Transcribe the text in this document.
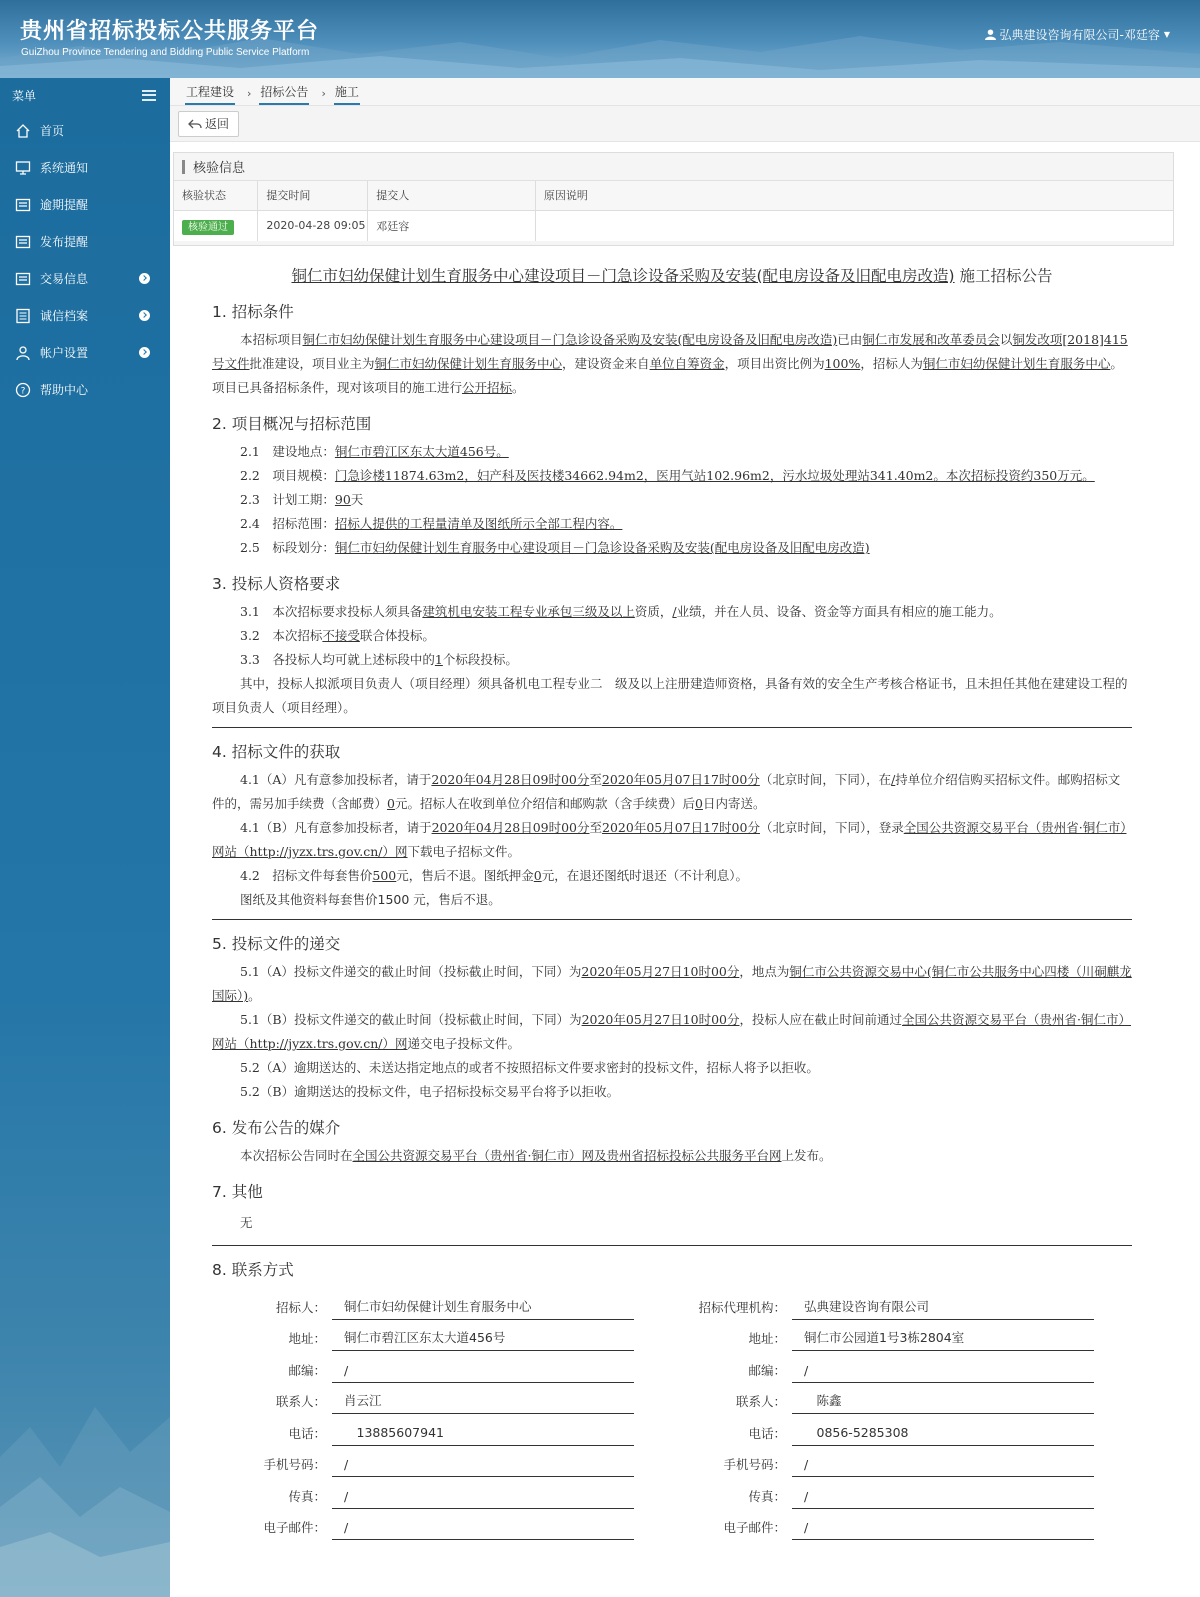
贵州省招标投标公共服务平台
GuiZhou Province Tendering and Bidding Public Service Platform
弘典建设咨询有限公司-邓廷容 ▼
菜单
首页
系统通知
逾期提醒
发布提醒
交易信息
诚信档案
帐户设置
? 帮助中心
工程建设 › 招标公告 › 施工
返回
核验信息
核验状态	提交时间	提交人	原因说明
核验通过	2020-04-28 09:05	邓廷容	
铜仁市妇幼保健计划生育服务中心建设项目－门急诊设备采购及安装(配电房设备及旧配电房改造) 施工招标公告
1. 招标条件
本招标项目铜仁市妇幼保健计划生育服务中心建设项目－门急诊设备采购及安装(配电房设备及旧配电房改造)已由铜仁市发展和改革委员会以铜发改项[2018]415号文件批准建设，项目业主为铜仁市妇幼保健计划生育服务中心，建设资金来自单位自筹资金，项目出资比例为100%，招标人为铜仁市妇幼保健计划生育服务中心。项目已具备招标条件，现对该项目的施工进行公开招标。
2. 项目概况与招标范围
2.1　建设地点：铜仁市碧江区东太大道456号。
2.2　项目规模：门急诊楼11874.63m2，妇产科及医技楼34662.94m2，医用气站102.96m2，污水垃圾处理站341.40m2。本次招标投资约350万元。
2.3　计划工期：90天
2.4　招标范围：招标人提供的工程量清单及图纸所示全部工程内容。
2.5　标段划分：铜仁市妇幼保健计划生育服务中心建设项目－门急诊设备采购及安装(配电房设备及旧配电房改造)
3. 投标人资格要求
3.1　本次招标要求投标人须具备建筑机电安装工程专业承包三级及以上资质，/业绩，并在人员、设备、资金等方面具有相应的施工能力。
3.2　本次招标不接受联合体投标。
3.3　各投标人均可就上述标段中的1个标段投标。
其中，投标人拟派项目负责人（项目经理）须具备机电工程专业二　级及以上注册建造师资格，具备有效的安全生产考核合格证书，且未担任其他在建建设工程的项目负责人（项目经理）。
4. 招标文件的获取
4.1（A）凡有意参加投标者，请于2020年04月28日09时00分至2020年05月07日17时00分（北京时间，下同），在/持单位介绍信购买招标文件。邮购招标文件的，需另加手续费（含邮费）0元。招标人在收到单位介绍信和邮购款（含手续费）后0日内寄送。
4.1（B）凡有意参加投标者，请于2020年04月28日09时00分至2020年05月07日17时00分（北京时间，下同），登录全国公共资源交易平台（贵州省·铜仁市）网站（http://jyzx.trs.gov.cn/）网下载电子招标文件。
4.2　招标文件每套售价500元，售后不退。图纸押金0元，在退还图纸时退还（不计利息）。
图纸及其他资料每套售价1500 元，售后不退。
5. 投标文件的递交
5.1（A）投标文件递交的截止时间（投标截止时间，下同）为2020年05月27日10时00分，地点为铜仁市公共资源交易中心(铜仁市公共服务中心四楼（川硐麒龙国际）)。
5.1（B）投标文件递交的截止时间（投标截止时间，下同）为2020年05月27日10时00分，投标人应在截止时间前通过全国公共资源交易平台（贵州省·铜仁市）网站（http://jyzx.trs.gov.cn/）网递交电子投标文件。
5.2（A）逾期送达的、未送达指定地点的或者不按照招标文件要求密封的投标文件，招标人将予以拒收。
5.2（B）逾期送达的投标文件，电子招标投标交易平台将予以拒收。
6. 发布公告的媒介
本次招标公告同时在全国公共资源交易平台（贵州省·铜仁市）网及贵州省招标投标公共服务平台网上发布。
7. 其他
无
8. 联系方式
招标人：	铜仁市妇幼保健计划生育服务中心
地址：	铜仁市碧江区东太大道456号
邮编：	/
联系人：	肖云江
电话：	　13885607941
手机号码：	/
传真：	/
电子邮件：	/
招标代理机构：	弘典建设咨询有限公司
地址：	铜仁市公园道1号3栋2804室
邮编：	/
联系人：	　陈鑫
电话：	　0856-5285308
手机号码：	/
传真：	/
电子邮件：	/
